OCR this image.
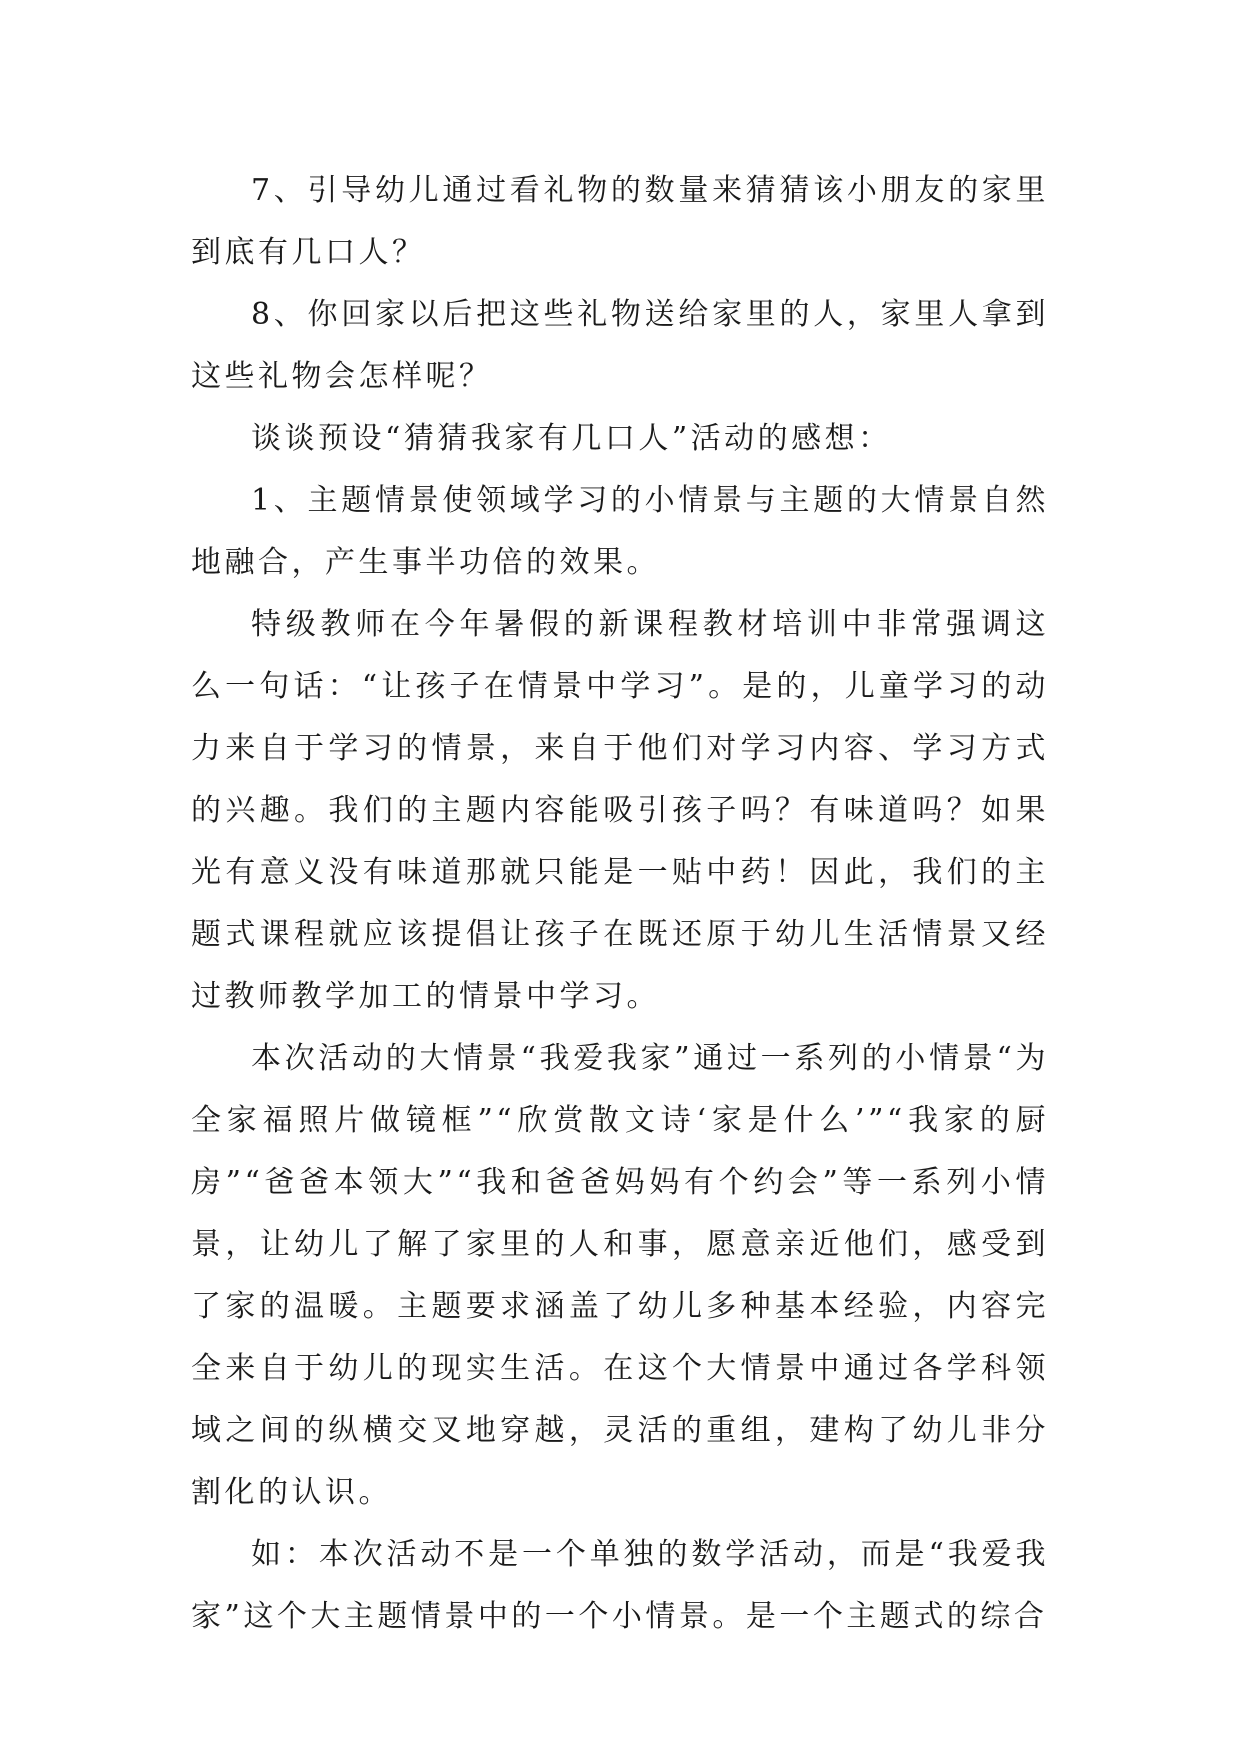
7、引导幼儿通过看礼物的数量来猜猜该小朋友的家里到底有几口人？

8、你回家以后把这些礼物送给家里的人，家里人拿到这些礼物会怎样呢？

谈谈预设“猜猜我家有几口人”活动的感想：

1、主题情景使领域学习的小情景与主题的大情景自然地融合，产生事半功倍的效果。

特级教师在今年暑假的新课程教材培训中非常强调这么一句话：“让孩子在情景中学习”。是的，儿童学习的动力来自于学习的情景，来自于他们对学习内容、学习方式的兴趣。我们的主题内容能吸引孩子吗？有味道吗？如果光有意义没有味道那就只能是一贴中药！因此，我们的主题式课程就应该提倡让孩子在既还原于幼儿生活情景又经过教师教学加工的情景中学习。

本次活动的大情景“我爱我家”通过一系列的小情景“为全家福照片做镜框”“欣赏散文诗‘家是什么’”“我家的厨房”“爸爸本领大”“我和爸爸妈妈有个约会”等一系列小情景，让幼儿了解了家里的人和事，愿意亲近他们，感受到了家的温暖。主题要求涵盖了幼儿多种基本经验，内容完全来自于幼儿的现实生活。在这个大情景中通过各学科领域之间的纵横交叉地穿越，灵活的重组，建构了幼儿非分割化的认识。

如：本次活动不是一个单独的数学活动，而是“我爱我家”这个大主题情景中的一个小情景。是一个主题式的综合
